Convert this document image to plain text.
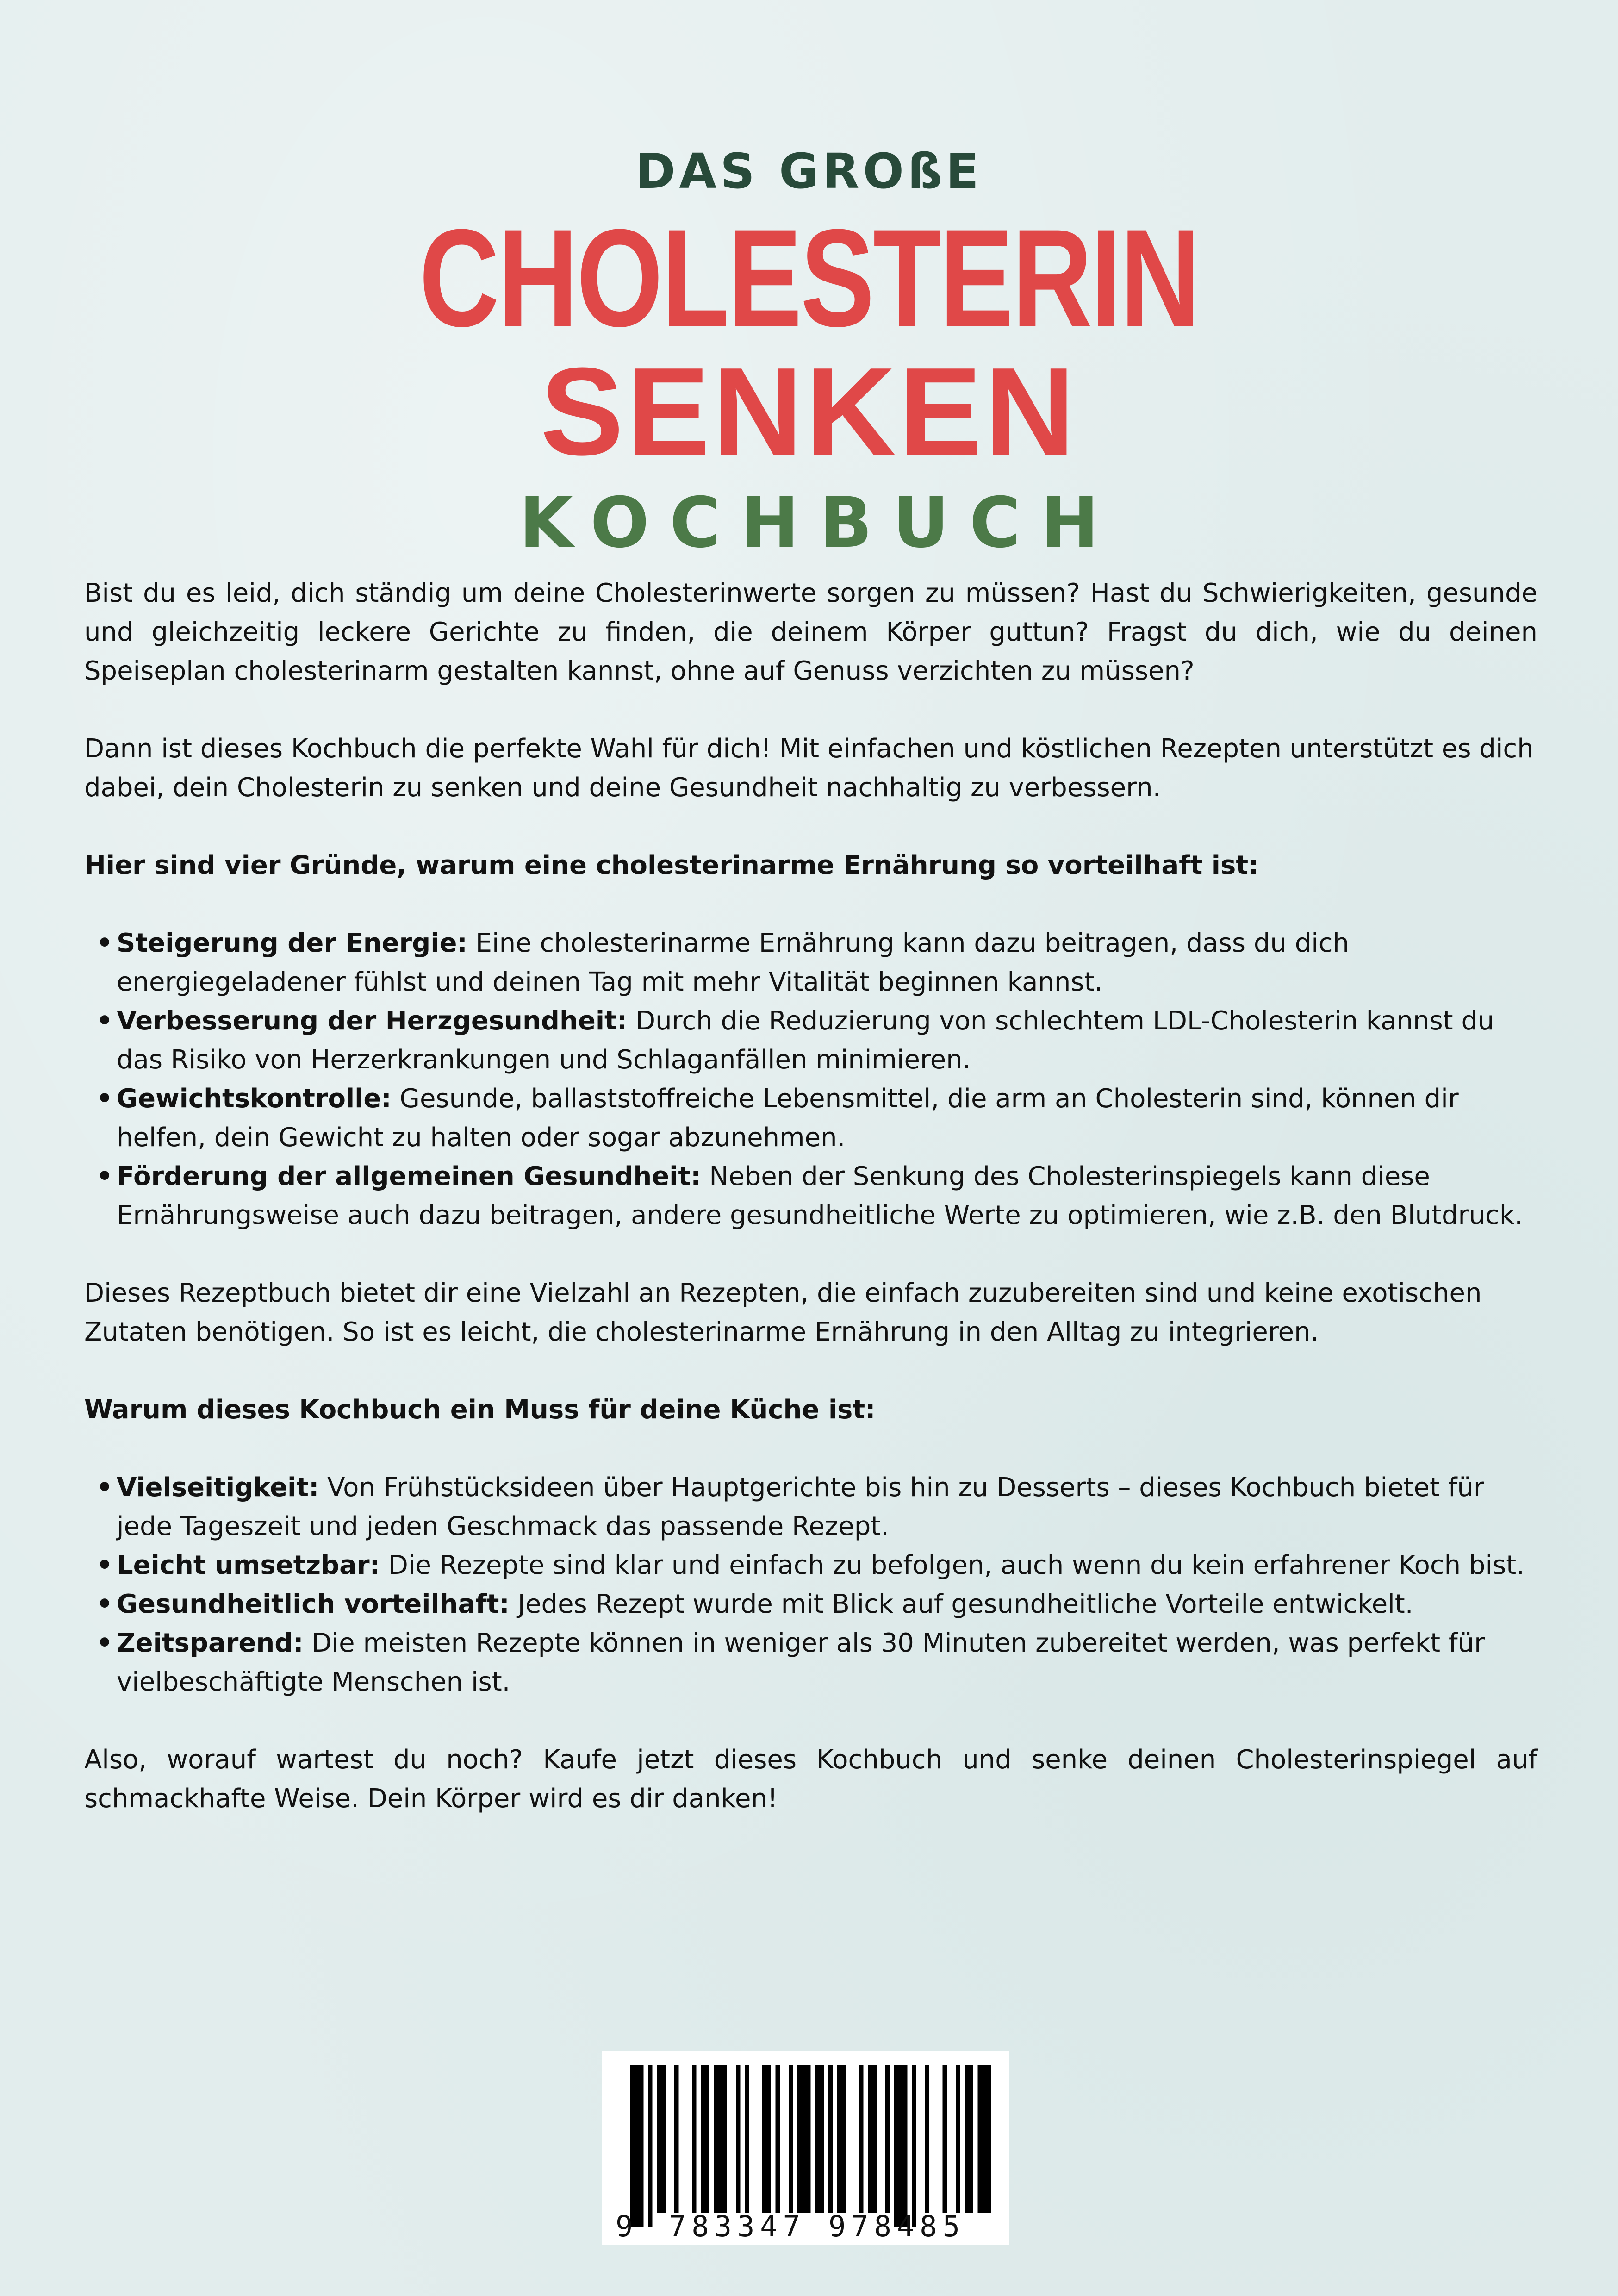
DAS GROßE
CHOLESTERIN
SENKEN
KOCHBUCH

Bist du es leid, dich ständig um deine Cholesterinwerte sorgen zu müssen? Hast du Schwierigkeiten, gesunde und gleichzeitig leckere Gerichte zu finden, die deinem Körper guttun? Fragst du dich, wie du deinen Speiseplan cholesterinarm gestalten kannst, ohne auf Genuss verzichten zu müssen?

Dann ist dieses Kochbuch die perfekte Wahl für dich! Mit einfachen und köstlichen Rezepten unterstützt es dich dabei, dein Cholesterin zu senken und deine Gesundheit nachhaltig zu verbessern.

Hier sind vier Gründe, warum eine cholesterinarme Ernährung so vorteilhaft ist:

• Steigerung der Energie: Eine cholesterinarme Ernährung kann dazu beitragen, dass du dich energiegeladener fühlst und deinen Tag mit mehr Vitalität beginnen kannst.
• Verbesserung der Herzgesundheit: Durch die Reduzierung von schlechtem LDL-Cholesterin kannst du das Risiko von Herzerkrankungen und Schlaganfällen minimieren.
• Gewichtskontrolle: Gesunde, ballaststoffreiche Lebensmittel, die arm an Cholesterin sind, können dir helfen, dein Gewicht zu halten oder sogar abzunehmen.
• Förderung der allgemeinen Gesundheit: Neben der Senkung des Cholesterinspiegels kann diese Ernährungsweise auch dazu beitragen, andere gesundheitliche Werte zu optimieren, wie z.B. den Blutdruck.

Dieses Rezeptbuch bietet dir eine Vielzahl an Rezepten, die einfach zuzubereiten sind und keine exotischen Zutaten benötigen. So ist es leicht, die cholesterinarme Ernährung in den Alltag zu integrieren.

Warum dieses Kochbuch ein Muss für deine Küche ist:

• Vielseitigkeit: Von Frühstücksideen über Hauptgerichte bis hin zu Desserts – dieses Kochbuch bietet für jede Tageszeit und jeden Geschmack das passende Rezept.
• Leicht umsetzbar: Die Rezepte sind klar und einfach zu befolgen, auch wenn du kein erfahrener Koch bist.
• Gesundheitlich vorteilhaft: Jedes Rezept wurde mit Blick auf gesundheitliche Vorteile entwickelt.
• Zeitsparend: Die meisten Rezepte können in weniger als 30 Minuten zubereitet werden, was perfekt für vielbeschäftigte Menschen ist.

Also, worauf wartest du noch? Kaufe jetzt dieses Kochbuch und senke deinen Cholesterinspiegel auf schmackhafte Weise. Dein Körper wird es dir danken!

9 783347 978485
